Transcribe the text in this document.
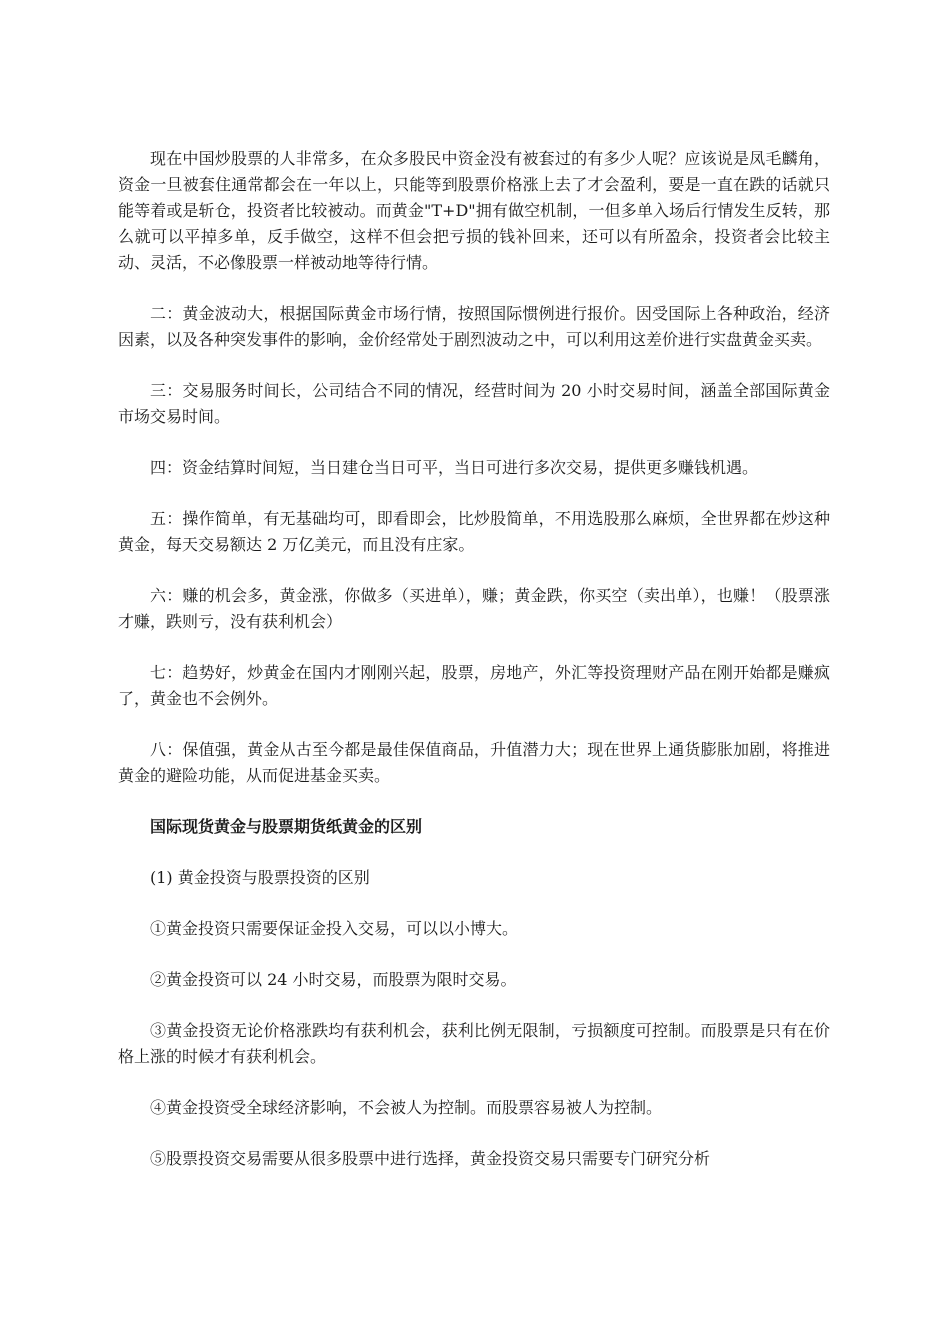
现在中国炒股票的人非常多，在众多股民中资金没有被套过的有多少人呢？应该说是凤毛麟角，资金一旦被套住通常都会在一年以上，只能等到股票价格涨上去了才会盈利，要是一直在跌的话就只能等着或是斩仓，投资者比较被动。而黄金"T+D"拥有做空机制，一但多单入场后行情发生反转，那么就可以平掉多单，反手做空，这样不但会把亏损的钱补回来，还可以有所盈余，投资者会比较主动、灵活，不必像股票一样被动地等待行情。

二：黄金波动大，根据国际黄金市场行情，按照国际惯例进行报价。因受国际上各种政治，经济因素，以及各种突发事件的影响，金价经常处于剧烈波动之中，可以利用这差价进行实盘黄金买卖。

三：交易服务时间长，公司结合不同的情况，经营时间为 20 小时交易时间，涵盖全部国际黄金市场交易时间。

四：资金结算时间短，当日建仓当日可平，当日可进行多次交易，提供更多赚钱机遇。

五：操作简单，有无基础均可，即看即会，比炒股简单，不用选股那么麻烦，全世界都在炒这种黄金，每天交易额达 2 万亿美元，而且没有庄家。

六：赚的机会多，黄金涨，你做多（买进单），赚；黄金跌，你买空（卖出单），也赚！（股票涨才赚，跌则亏，没有获利机会）

七：趋势好，炒黄金在国内才刚刚兴起，股票，房地产，外汇等投资理财产品在刚开始都是赚疯了，黄金也不会例外。

八：保值强，黄金从古至今都是最佳保值商品，升值潜力大；现在世界上通货膨胀加剧，将推进黄金的避险功能，从而促进基金买卖。

国际现货黄金与股票期货纸黄金的区别

(1) 黄金投资与股票投资的区别

①黄金投资只需要保证金投入交易，可以以小博大。

②黄金投资可以 24 小时交易，而股票为限时交易。

③黄金投资无论价格涨跌均有获利机会，获利比例无限制，亏损额度可控制。而股票是只有在价格上涨的时候才有获利机会。

④黄金投资受全球经济影响，不会被人为控制。而股票容易被人为控制。

⑤股票投资交易需要从很多股票中进行选择，黄金投资交易只需要专门研究分析
